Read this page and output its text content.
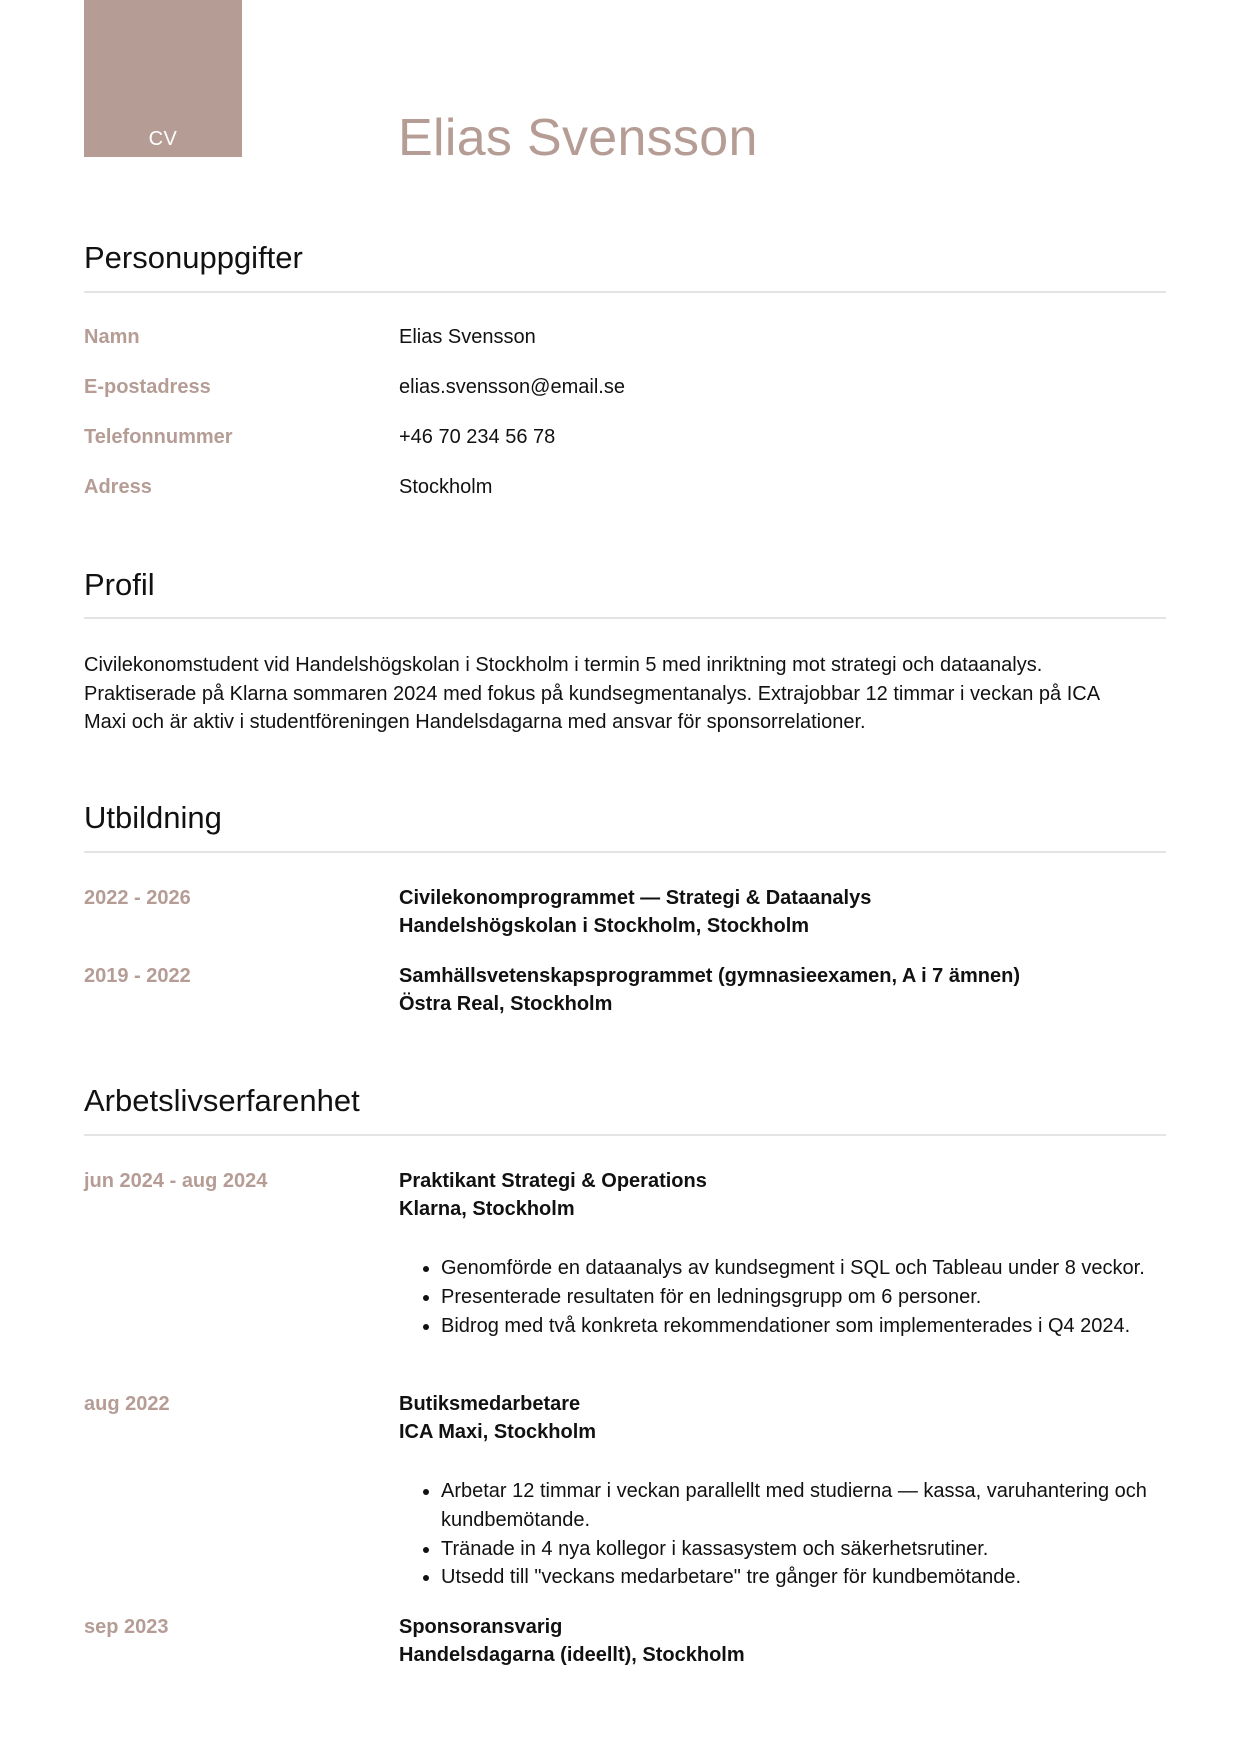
CV	Elias Svensson
Personuppgifter
Namn	Elias Svensson
E-postadress	elias.svensson@email.se
Telefonnummer	+46 70 234 56 78
Adress	Stockholm
Profil
Civilekonomstudent vid Handelshögskolan i Stockholm i termin 5 med inriktning mot strategi och dataanalys.
Praktiserade på Klarna sommaren 2024 med fokus på kundsegmentanalys. Extrajobbar 12 timmar i veckan på ICA
Maxi och är aktiv i studentföreningen Handelsdagarna med ansvar för sponsorrelationer.
Utbildning
2022 - 2026	Civilekonomprogrammet — Strategi & Dataanalys
Handelshögskolan i Stockholm, Stockholm
2019 - 2022	Samhällsvetenskapsprogrammet (gymnasieexamen, A i 7 ämnen)
Östra Real, Stockholm
Arbetslivserfarenhet
jun 2024 - aug 2024	Praktikant Strategi & Operations
Klarna, Stockholm
• Genomförde en dataanalys av kundsegment i SQL och Tableau under 8 veckor.
• Presenterade resultaten för en ledningsgrupp om 6 personer.
• Bidrog med två konkreta rekommendationer som implementerades i Q4 2024.
aug 2022	Butiksmedarbetare
ICA Maxi, Stockholm
• Arbetar 12 timmar i veckan parallellt med studierna — kassa, varuhantering och kundbemötande.
• Tränade in 4 nya kollegor i kassasystem och säkerhetsrutiner.
• Utsedd till "veckans medarbetare" tre gånger för kundbemötande.
sep 2023	Sponsoransvarig
Handelsdagarna (ideellt), Stockholm
